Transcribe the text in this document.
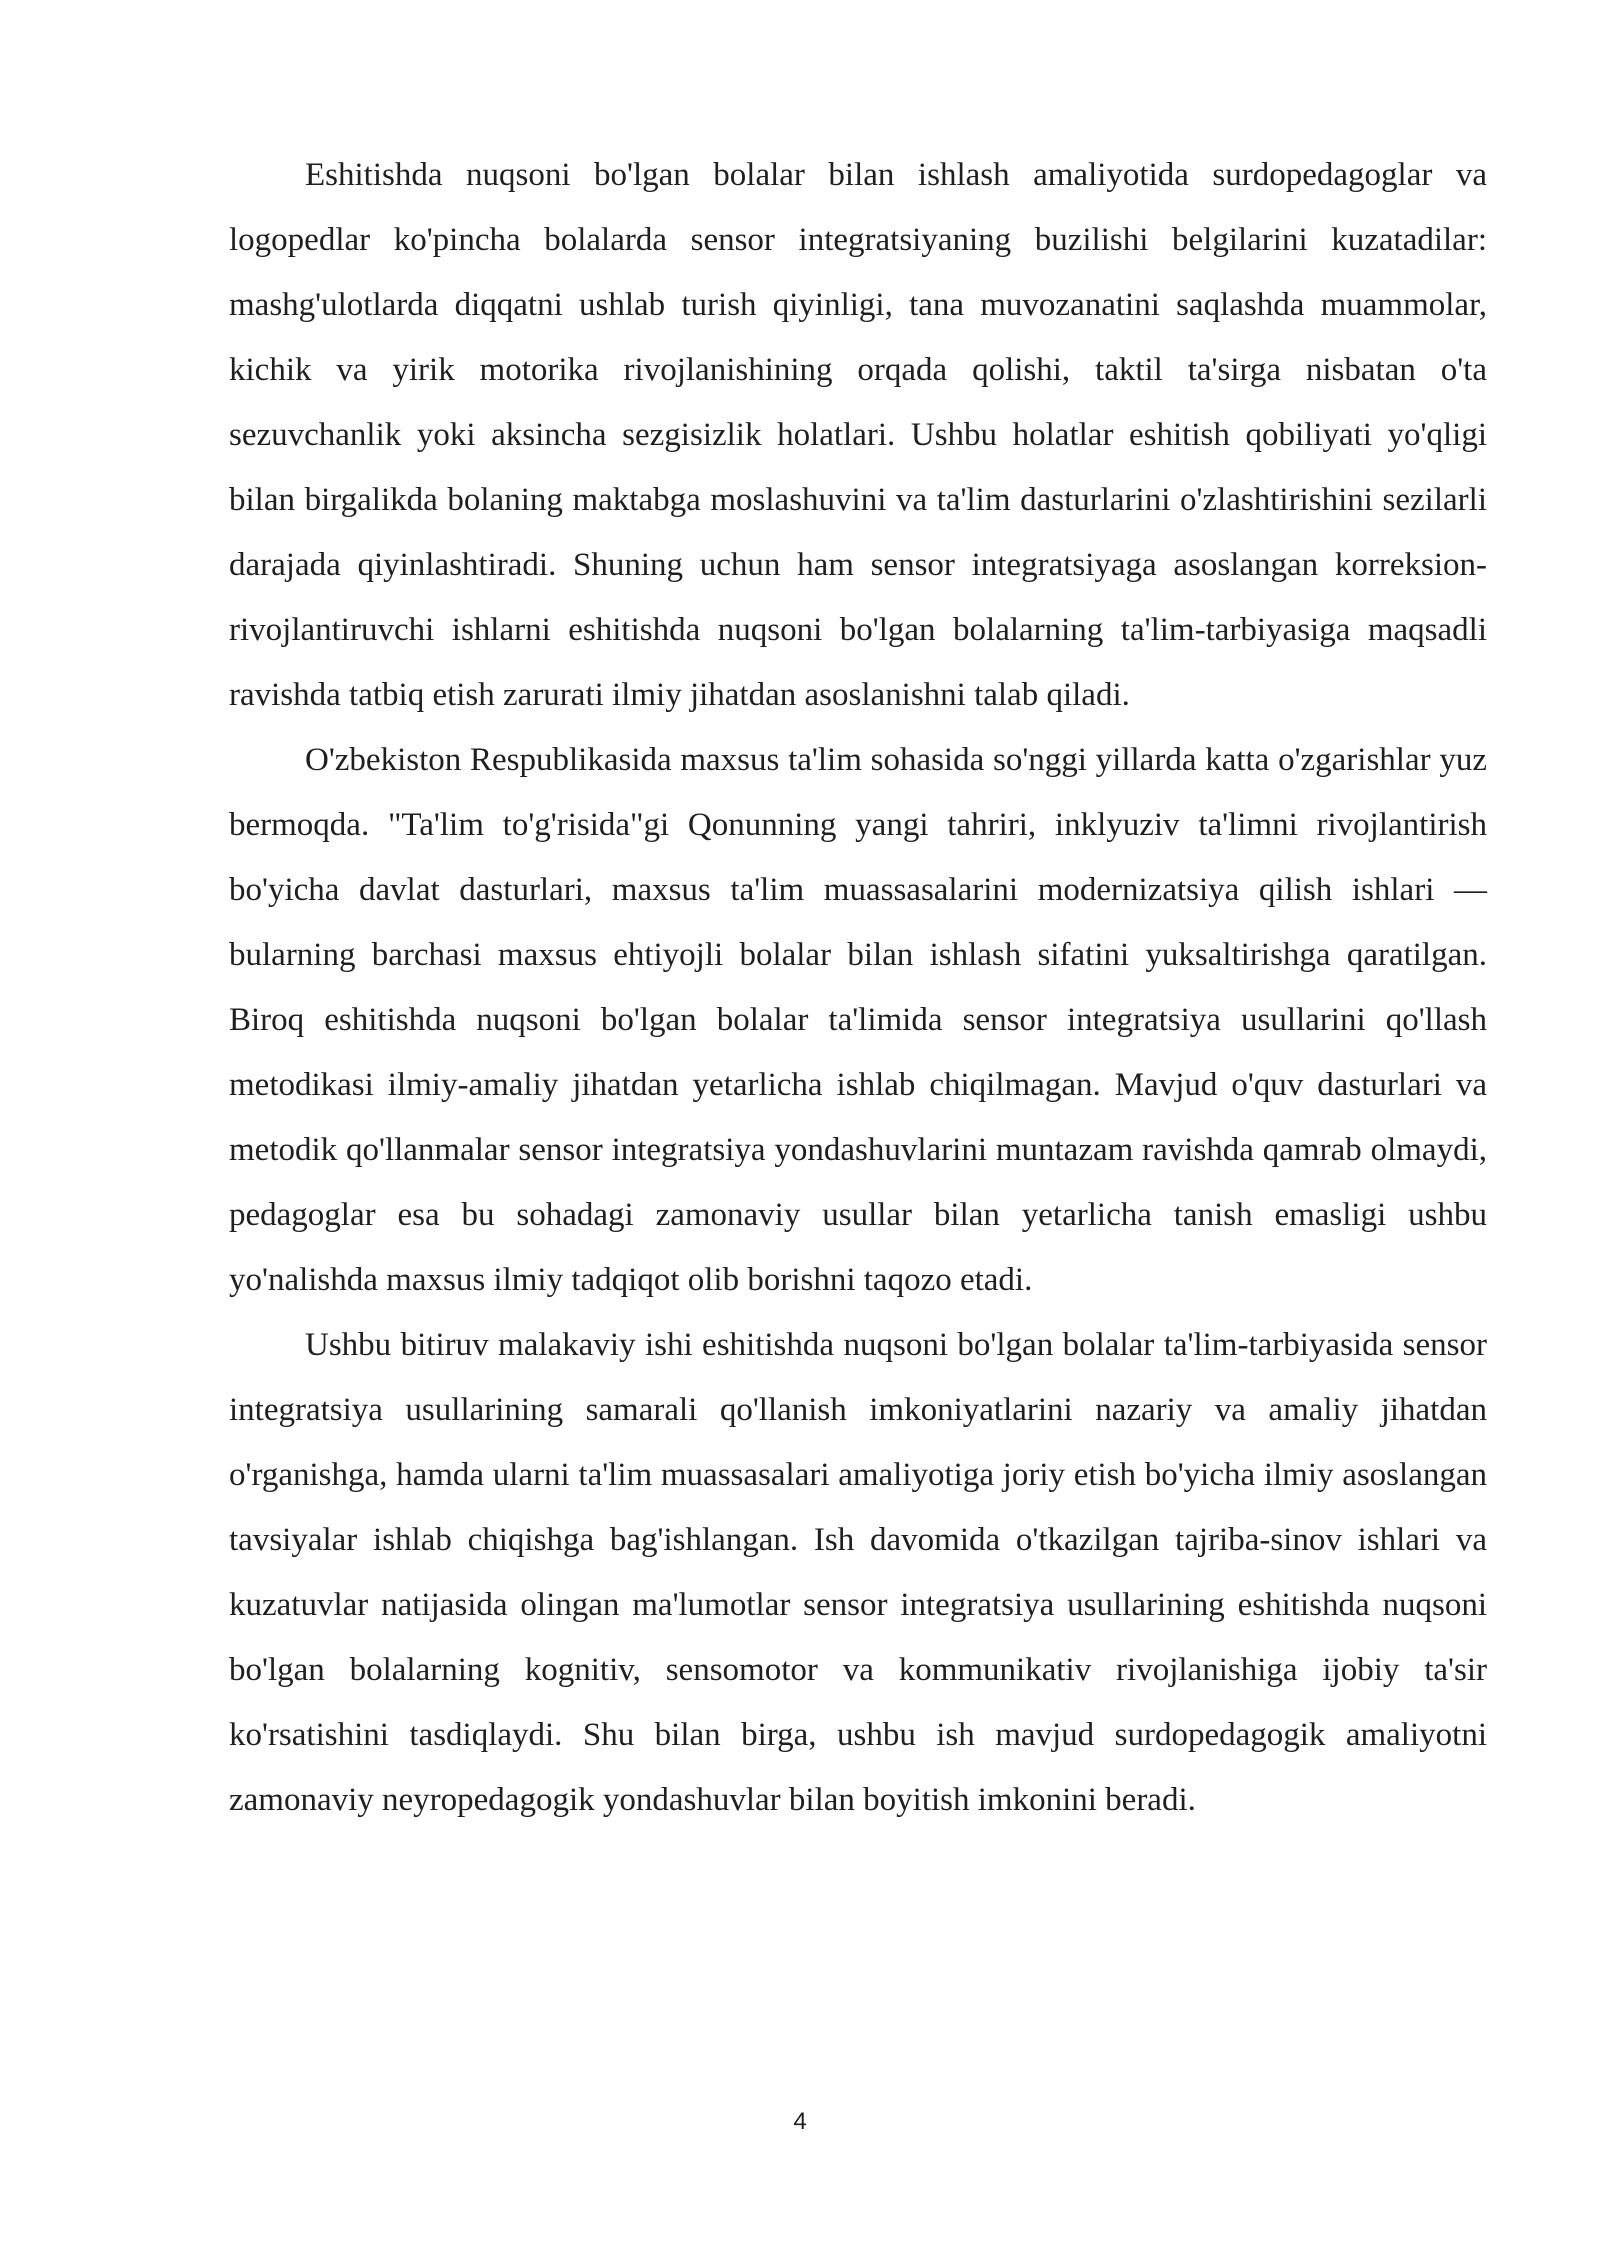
Eshitishda nuqsoni bo'lgan bolalar bilan ishlash amaliyotida surdopedagoglar va logopedlar ko'pincha bolalarda sensor integratsiyaning buzilishi belgilarini kuzatadilar: mashg'ulotlarda diqqatni ushlab turish qiyinligi, tana muvozanatini saqlashda muammolar, kichik va yirik motorika rivojlanishining orqada qolishi, taktil ta'sirga nisbatan o'ta sezuvchanlik yoki aksincha sezgisizlik holatlari. Ushbu holatlar eshitish qobiliyati yo'qligi bilan birgalikda bolaning maktabga moslashuvini va ta'lim dasturlarini o'zlashtirishini sezilarli darajada qiyinlashtiradi. Shuning uchun ham sensor integratsiyaga asoslangan korreksion-rivojlantiruvchi ishlarni eshitishda nuqsoni bo'lgan bolalarning ta'lim-tarbiyasiga maqsadli ravishda tatbiq etish zarurati ilmiy jihatdan asoslanishni talab qiladi.

O'zbekiston Respublikasida maxsus ta'lim sohasida so'nggi yillarda katta o'zgarishlar yuz bermoqda. "Ta'lim to'g'risida"gi Qonunning yangi tahriri, inklyuziv ta'limni rivojlantirish bo'yicha davlat dasturlari, maxsus ta'lim muassasalarini modernizatsiya qilish ishlari — bularning barchasi maxsus ehtiyojli bolalar bilan ishlash sifatini yuksaltirishga qaratilgan. Biroq eshitishda nuqsoni bo'lgan bolalar ta'limida sensor integratsiya usullarini qo'llash metodikasi ilmiy-amaliy jihatdan yetarlicha ishlab chiqilmagan. Mavjud o'quv dasturlari va metodik qo'llanmalar sensor integratsiya yondashuvlarini muntazam ravishda qamrab olmaydi, pedagoglar esa bu sohadagi zamonaviy usullar bilan yetarlicha tanish emasligi ushbu yo'nalishda maxsus ilmiy tadqiqot olib borishni taqozo etadi.

Ushbu bitiruv malakaviy ishi eshitishda nuqsoni bo'lgan bolalar ta'lim-tarbiyasida sensor integratsiya usullarining samarali qo'llanish imkoniyatlarini nazariy va amaliy jihatdan o'rganishga, hamda ularni ta'lim muassasalari amaliyotiga joriy etish bo'yicha ilmiy asoslangan tavsiyalar ishlab chiqishga bag'ishlangan. Ish davomida o'tkazilgan tajriba-sinov ishlari va kuzatuvlar natijasida olingan ma'lumotlar sensor integratsiya usullarining eshitishda nuqsoni bo'lgan bolalarning kognitiv, sensomotor va kommunikativ rivojlanishiga ijobiy ta'sir ko'rsatishini tasdiqlaydi. Shu bilan birga, ushbu ish mavjud surdopedagogik amaliyotni zamonaviy neyropedagogik yondashuvlar bilan boyitish imkonini beradi.

4
